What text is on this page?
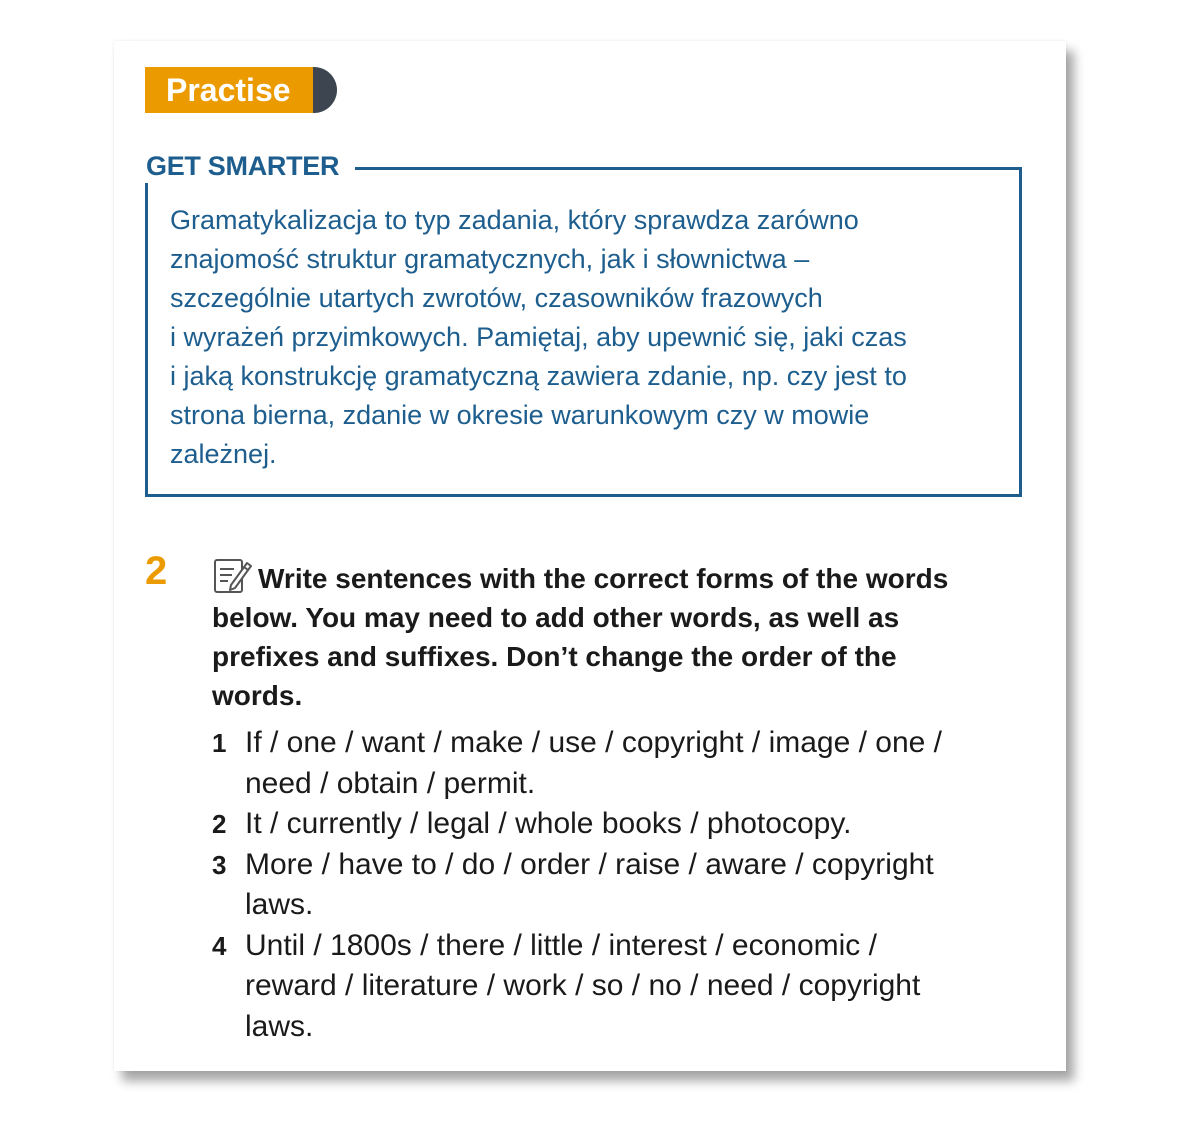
Practise
GET SMARTER
Gramatykalizacja to typ zadania, który sprawdza zarówno
znajomość struktur gramatycznych, jak i słownictwa –
szczególnie utartych zwrotów, czasowników frazowych
i wyrażeń przyimkowych. Pamiętaj, aby upewnić się, jaki czas
i jaką konstrukcję gramatyczną zawiera zdanie, np. czy jest to
strona bierna, zdanie w okresie warunkowym czy w mowie
zależnej.
2	Write sentences with the correct forms of the words
below. You may need to add other words, as well as
prefixes and suffixes. Don’t change the order of the
words.
1 If / one / want / make / use / copyright / image / one /
need / obtain / permit.
2 It / currently / legal / whole books / photocopy.
3 More / have to / do / order / raise / aware / copyright
laws.
4 Until / 1800s / there / little / interest / economic /
reward / literature / work / so / no / need / copyright
laws.
